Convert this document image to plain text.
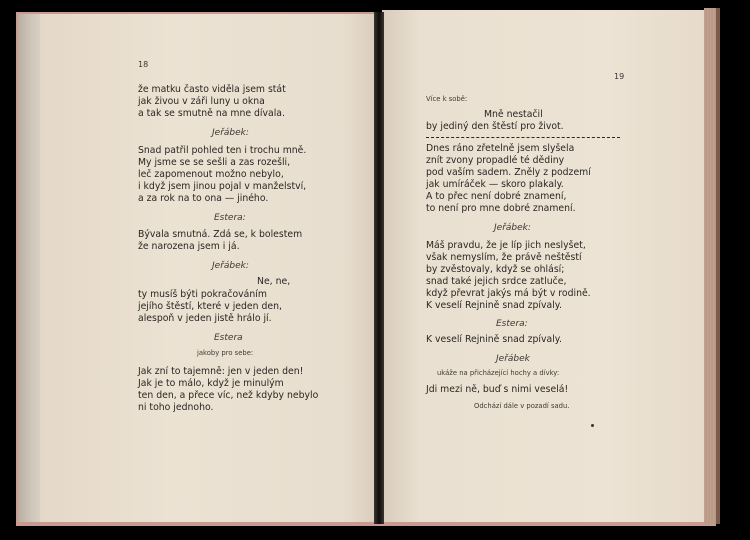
18
že matku často viděla jsem stát
jak živou v záři luny u okna
a tak se smutně na mne dívala.
Jeřábek:
Snad patřil pohled ten i trochu mně.
My jsme se se sešli a zas rozešli,
leč zapomenout možno nebylo,
i když jsem jinou pojal v manželství,
a za rok na to ona — jiného.
Estera:
Bývala smutná. Zdá se, k bolestem
že narozena jsem i já.
Jeřábek:
Ne, ne,
ty musíš býti pokračováním
jejího štěstí, které v jeden den,
alespoň v jeden jistě hrálo jí.
Estera
jakoby pro sebe:
Jak zní to tajemně: jen v jeden den!
Jak je to málo, když je minulým
ten den, a přece víc, než kdyby nebylo
ni toho jednoho.
19
Více k sobě:
Mně nestačil
by jediný den štěstí pro život.
Dnes ráno zřetelně jsem slyšela
znít zvony propadlé té dědiny
pod vaším sadem. Zněly z podzemí
jak umíráček — skoro plakaly.
A to přec není dobré znamení,
to není pro mne dobré znamení.
Jeřábek:
Máš pravdu, že je líp jich neslyšet,
však nemyslím, že právě neštěstí
by zvěstovaly, když se ohlásí;
snad také jejich srdce zatluče,
když převrat jakýs má být v rodině.
K veselí Rejnině snad zpívaly.
Estera:
K veselí Rejnině snad zpívaly.
Jeřábek
ukáže na přicházející hochy a dívky:
Jdi mezi ně, buď s nimi veselá!
Odchází dále v pozadí sadu.
